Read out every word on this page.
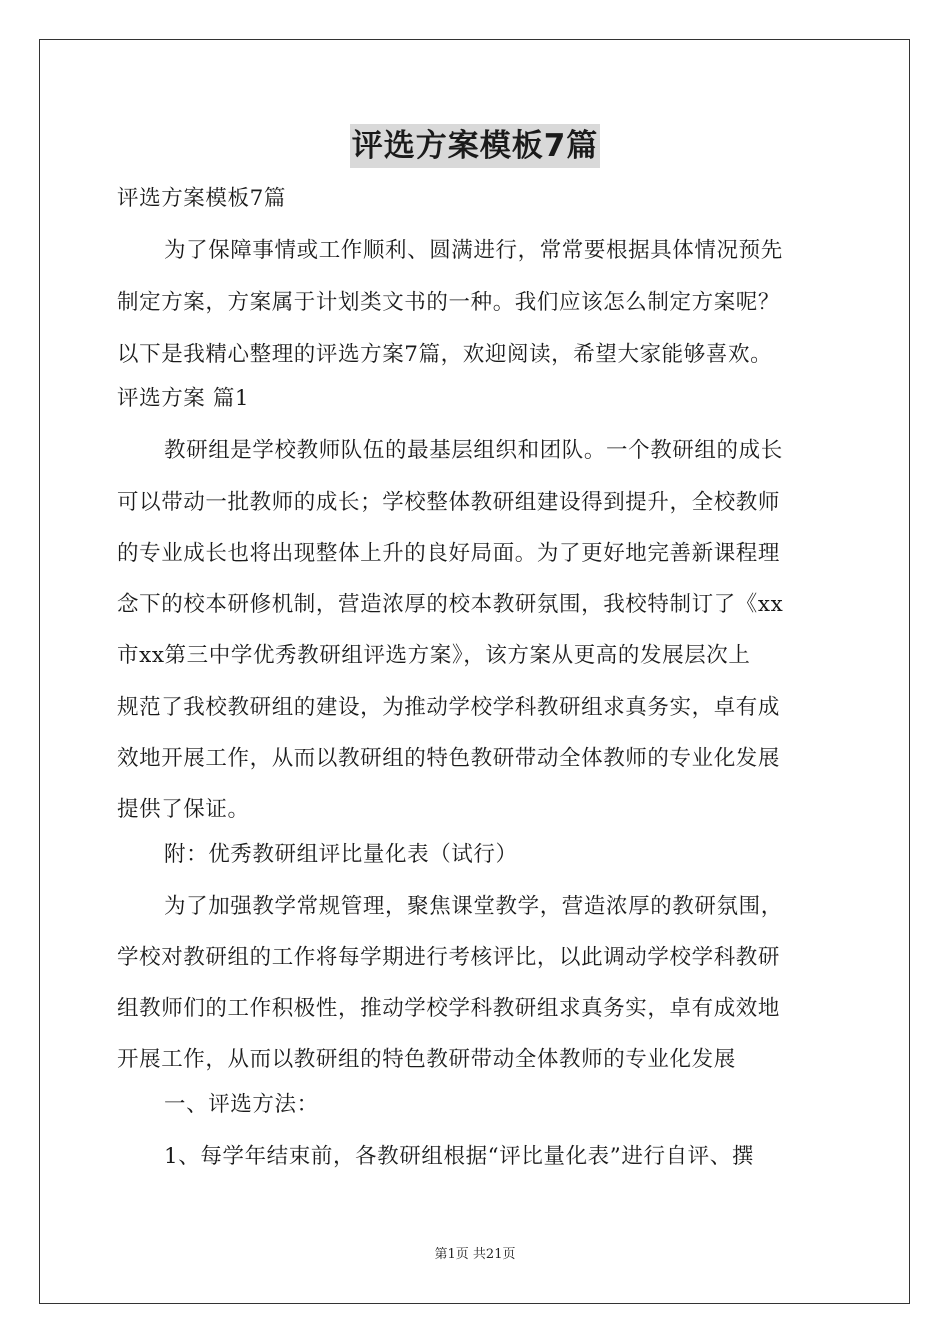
评选方案模板7篇
评选方案模板7篇
为了保障事情或工作顺利、圆满进行，常常要根据具体情况预先
制定方案，方案属于计划类文书的一种。我们应该怎么制定方案呢？
以下是我精心整理的评选方案7篇，欢迎阅读，希望大家能够喜欢。
评选方案 篇1
教研组是学校教师队伍的最基层组织和团队。一个教研组的成长
可以带动一批教师的成长；学校整体教研组建设得到提升，全校教师
的专业成长也将出现整体上升的良好局面。为了更好地完善新课程理
念下的校本研修机制，营造浓厚的校本教研氛围，我校特制订了《xx
市xx第三中学优秀教研组评选方案》，该方案从更高的发展层次上
规范了我校教研组的建设，为推动学校学科教研组求真务实，卓有成
效地开展工作，从而以教研组的特色教研带动全体教师的专业化发展
提供了保证。
附：优秀教研组评比量化表（试行）
为了加强教学常规管理，聚焦课堂教学，营造浓厚的教研氛围，
学校对教研组的工作将每学期进行考核评比，以此调动学校学科教研
组教师们的工作积极性，推动学校学科教研组求真务实，卓有成效地
开展工作，从而以教研组的特色教研带动全体教师的专业化发展
一、评选方法：
1、每学年结束前，各教研组根据“评比量化表”进行自评、撰
第1页 共21页
